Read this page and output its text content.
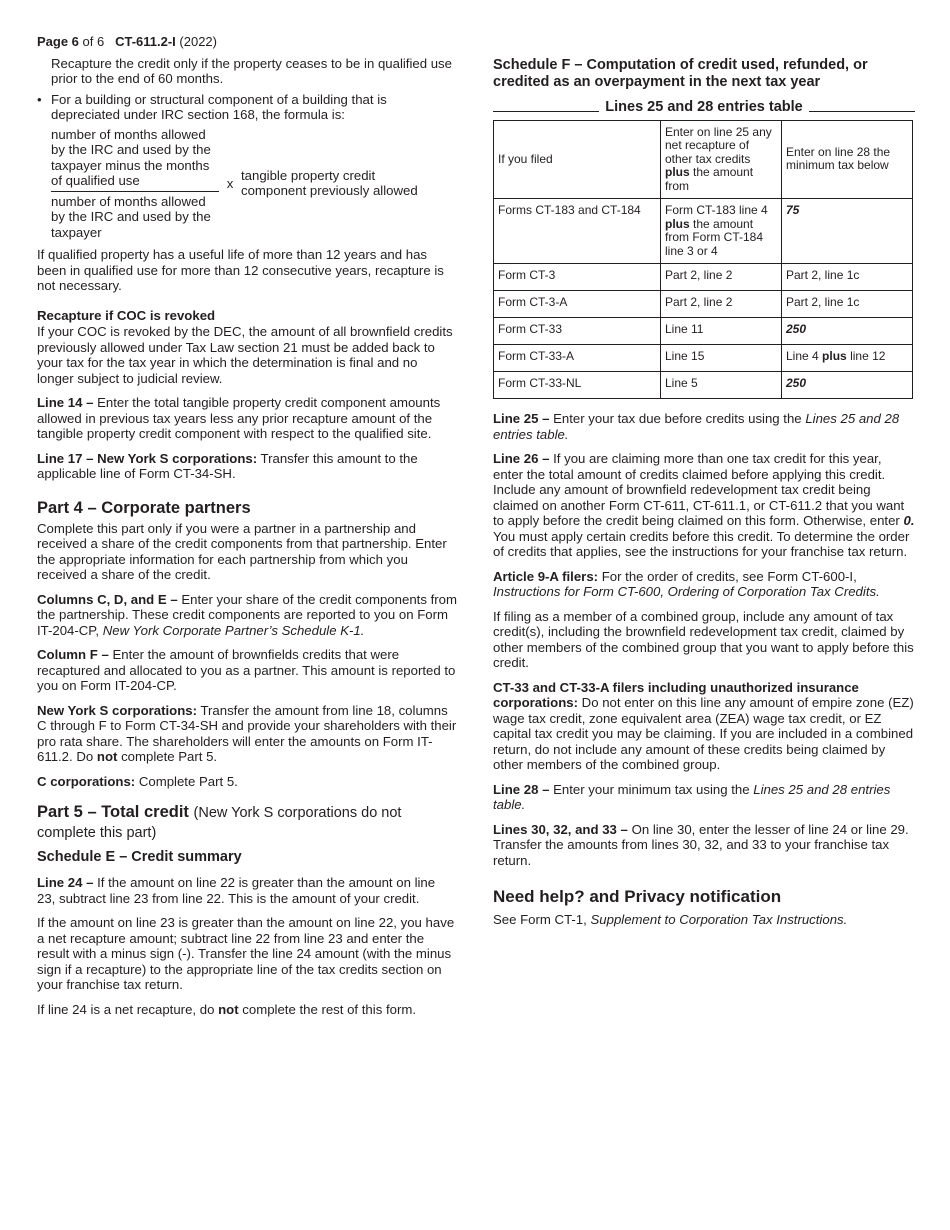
Page 6 of 6 CT-611.2-I (2022)

Recapture the credit only if the property ceases to be in qualified use prior to the end of 60 months.

• For a building or structural component of a building that is depreciated under IRC section 168, the formula is:
number of months allowed by the IRC and used by the taxpayer minus the months of qualified use
number of months allowed by the IRC and used by the taxpayer
x
tangible property credit component previously allowed

If qualified property has a useful life of more than 12 years and has been in qualified use for more than 12 consecutive years, recapture is not necessary.

Recapture if COC is revoked

If your COC is revoked by the DEC, the amount of all brownfield credits previously allowed under Tax Law section 21 must be added back to your tax for the tax year in which the determination is final and no longer subject to judicial review.

Line 14 – Enter the total tangible property credit component amounts allowed in previous tax years less any prior recapture amount of the tangible property credit component with respect to the qualified site.

Line 17 – New York S corporations: Transfer this amount to the applicable line of Form CT-34-SH.

Part 4 – Corporate partners

Complete this part only if you were a partner in a partnership and received a share of the credit components from that partnership. Enter the appropriate information for each partnership from which you received a share of the credit.

Columns C, D, and E – Enter your share of the credit components from the partnership. These credit components are reported to you on Form IT-204-CP, New York Corporate Partner’s Schedule K-1.

Column F – Enter the amount of brownfields credits that were recaptured and allocated to you as a partner. This amount is reported to you on Form IT-204-CP.

New York S corporations: Transfer the amount from line 18, columns C through F to Form CT-34-SH and provide your shareholders with their pro rata share. The shareholders will enter the amounts on Form IT-611.2. Do not complete Part 5.

C corporations: Complete Part 5.

Part 5 – Total credit (New York S corporations do not complete this part)
Schedule E – Credit summary

Line 24 – If the amount on line 22 is greater than the amount on line 23, subtract line 23 from line 22. This is the amount of your credit.

If the amount on line 23 is greater than the amount on line 22, you have a net recapture amount; subtract line 22 from line 23 and enter the result with a minus sign (-). Transfer the line 24 amount (with the minus sign if a recapture) to the appropriate line of the tax credits section on your franchise tax return.

If line 24 is a net recapture, do not complete the rest of this form.

Schedule F – Computation of credit used, refunded, or credited as an overpayment in the next tax year
Lines 25 and 28 entries table
If you filed	Enter on line 25 any net recapture of other tax credits plus the amount from	Enter on line 28 the minimum tax below
Forms CT-183 and CT-184	Form CT-183 line 4 plus the amount from Form CT-184 line 3 or 4	75
Form CT-3	Part 2, line 2	Part 2, line 1c
Form CT-3-A	Part 2, line 2	Part 2, line 1c
Form CT-33	Line 11	250
Form CT-33-A	Line 15	Line 4 plus line 12
Form CT-33-NL	Line 5	250

Line 25 – Enter your tax due before credits using the Lines 25 and 28 entries table.

Line 26 – If you are claiming more than one tax credit for this year, enter the total amount of credits claimed before applying this credit. Include any amount of brownfield redevelopment tax credit being claimed on another Form CT-611, CT-611.1, or CT-611.2 that you want to apply before the credit being claimed on this form. Otherwise, enter 0. You must apply certain credits before this credit. To determine the order of credits that applies, see the instructions for your franchise tax return.

Article 9-A filers: For the order of credits, see Form CT-600-I, Instructions for Form CT-600, Ordering of Corporation Tax Credits.

If filing as a member of a combined group, include any amount of tax credit(s), including the brownfield redevelopment tax credit, claimed by other members of the combined group that you want to apply before this credit.

CT-33 and CT-33-A filers including unauthorized insurance corporations: Do not enter on this line any amount of empire zone (EZ) wage tax credit, zone equivalent area (ZEA) wage tax credit, or EZ capital tax credit you may be claiming. If you are included in a combined return, do not include any amount of these credits being claimed by other members of the combined group.

Line 28 – Enter your minimum tax using the Lines 25 and 28 entries table.

Lines 30, 32, and 33 – On line 30, enter the lesser of line 24 or line 29. Transfer the amounts from lines 30, 32, and 33 to your franchise tax return.

Need help? and Privacy notification

See Form CT-1, Supplement to Corporation Tax Instructions.
